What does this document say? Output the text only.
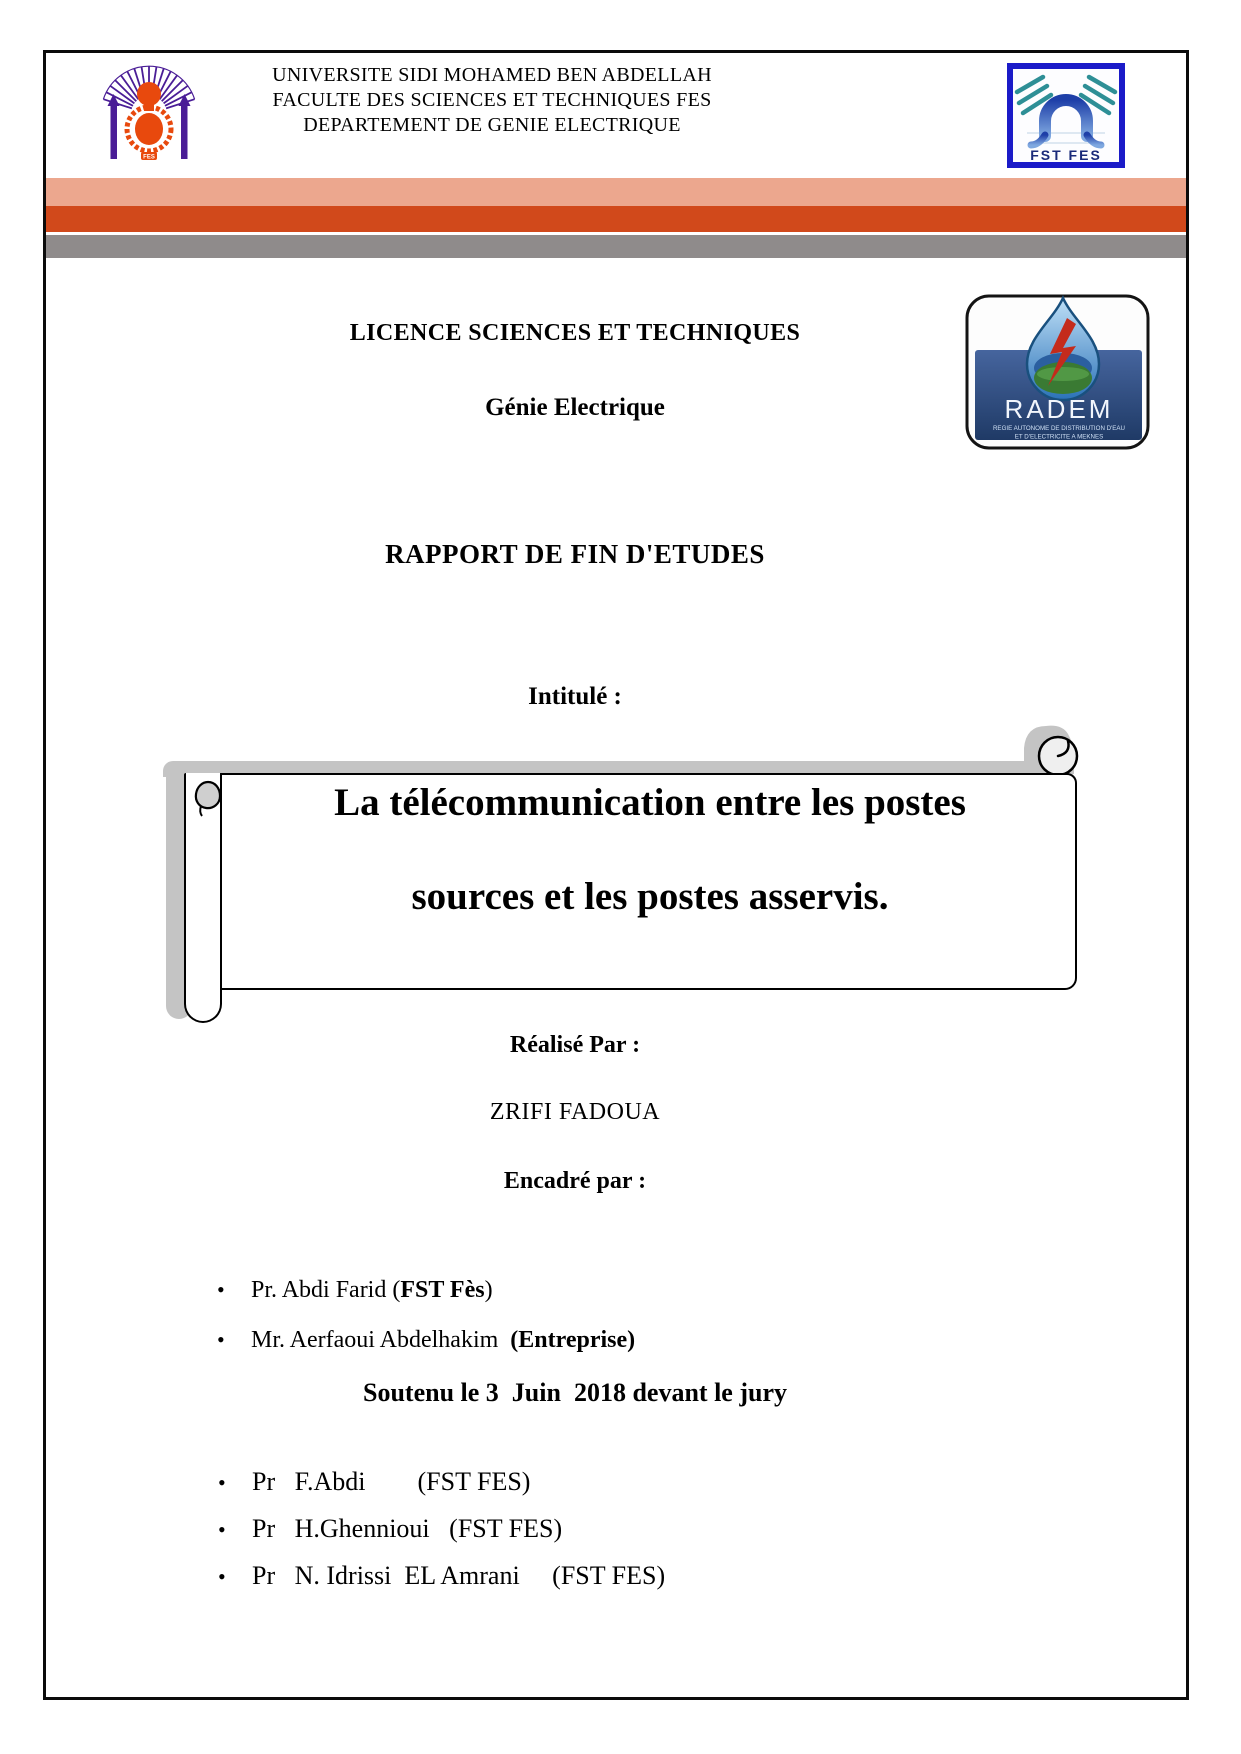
FES
UNIVERSITE SIDI MOHAMED BEN ABDELLAH
FACULTE DES SCIENCES ET TECHNIQUES FES
DEPARTEMENT DE GENIE ELECTRIQUE
FST FES
LICENCE SCIENCES ET TECHNIQUES
Génie Electrique	RADEM
REGIE AUTONOME DE DISTRIBUTION D'EAU
ET D'ELECTRICITE A MEKNES
RAPPORT DE FIN D'ETUDES
Intitulé :
La télécommunication entre les postes
sources et les postes asservis.
Réalisé Par :
ZRIFI FADOUA
Encadré par :

• Pr. Abdi Farid (FST Fès)

• Mr. Aerfaoui Abdelhakim  (Entreprise)

Soutenu le 3  Juin  2018 devant le jury

• Pr   F.Abdi        (FST FES)

• Pr   H.Ghennioui   (FST FES)

• Pr   N. Idrissi  EL Amrani     (FST FES)
